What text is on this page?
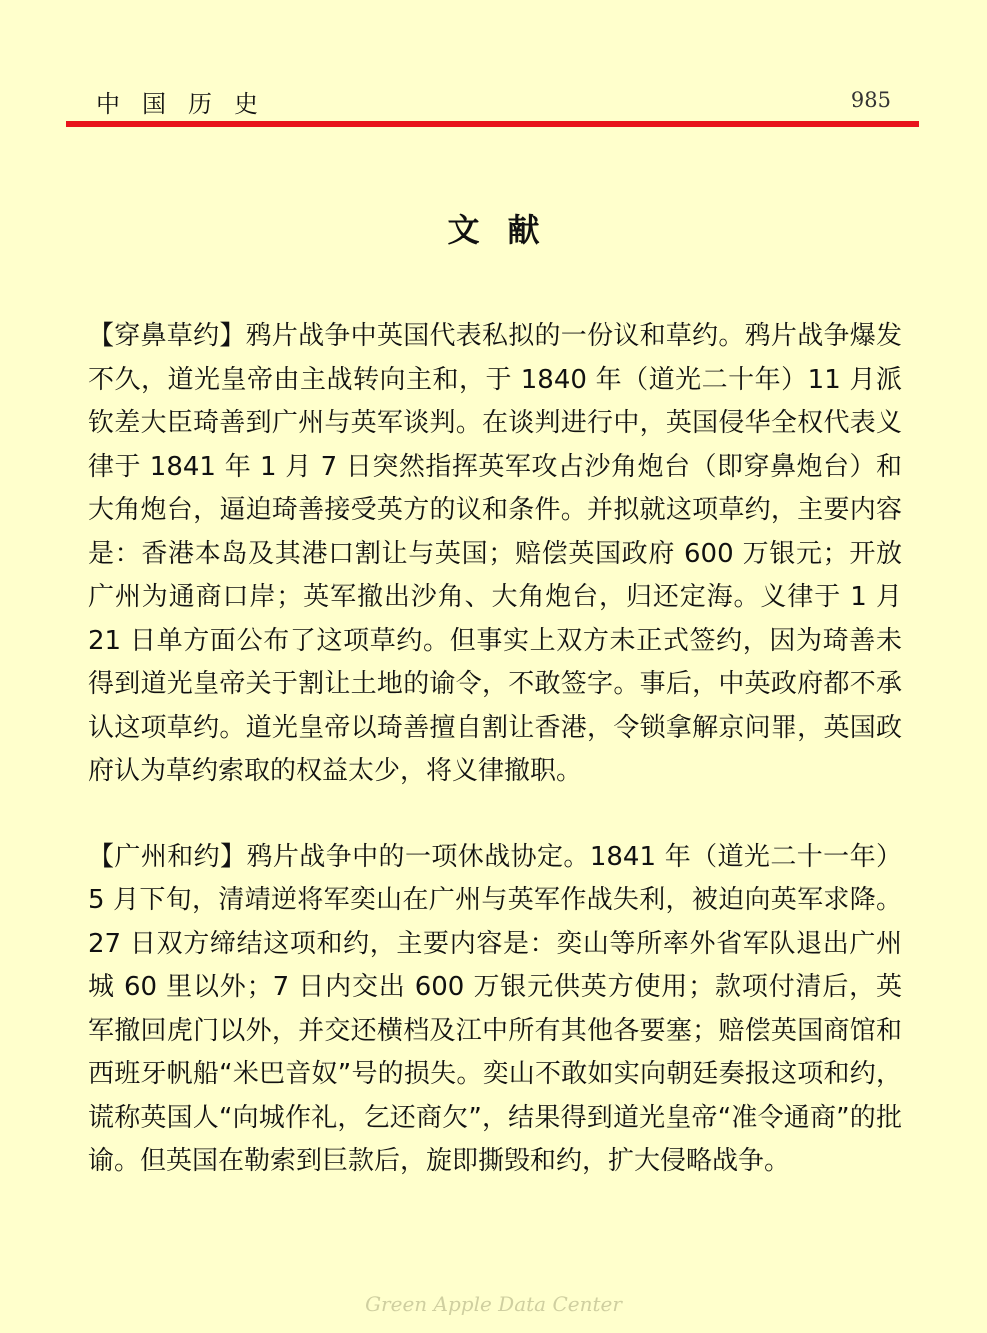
中国历史	985
文献

【穿鼻草约】鸦片战争中英国代表私拟的一份议和草约。鸦片战争爆发不久，道光皇帝由主战转向主和，于 1840 年（道光二十年）11 月派钦差大臣琦善到广州与英军谈判。在谈判进行中，英国侵华全权代表义律于 1841 年 1 月 7 日突然指挥英军攻占沙角炮台（即穿鼻炮台）和大角炮台，逼迫琦善接受英方的议和条件。并拟就这项草约，主要内容是：香港本岛及其港口割让与英国；赔偿英国政府 600 万银元；开放广州为通商口岸；英军撤出沙角、大角炮台，归还定海。义律于 1 月 21 日单方面公布了这项草约。但事实上双方未正式签约，因为琦善未得到道光皇帝关于割让土地的谕令，不敢签字。事后，中英政府都不承认这项草约。道光皇帝以琦善擅自割让香港，令锁拿解京问罪，英国政府认为草约索取的权益太少，将义律撤职。

【广州和约】鸦片战争中的一项休战协定。1841 年（道光二十一年）5 月下旬，清靖逆将军奕山在广州与英军作战失利，被迫向英军求降。27 日双方缔结这项和约，主要内容是：奕山等所率外省军队退出广州城 60 里以外；7 日内交出 600 万银元供英方使用；款项付清后，英军撤回虎门以外，并交还横档及江中所有其他各要塞；赔偿英国商馆和西班牙帆船“米巴音奴”号的损失。奕山不敢如实向朝廷奏报这项和约，谎称英国人“向城作礼，乞还商欠”，结果得到道光皇帝“准令通商”的批谕。但英国在勒索到巨款后，旋即撕毁和约，扩大侵略战争。

Green Apple Data Center
